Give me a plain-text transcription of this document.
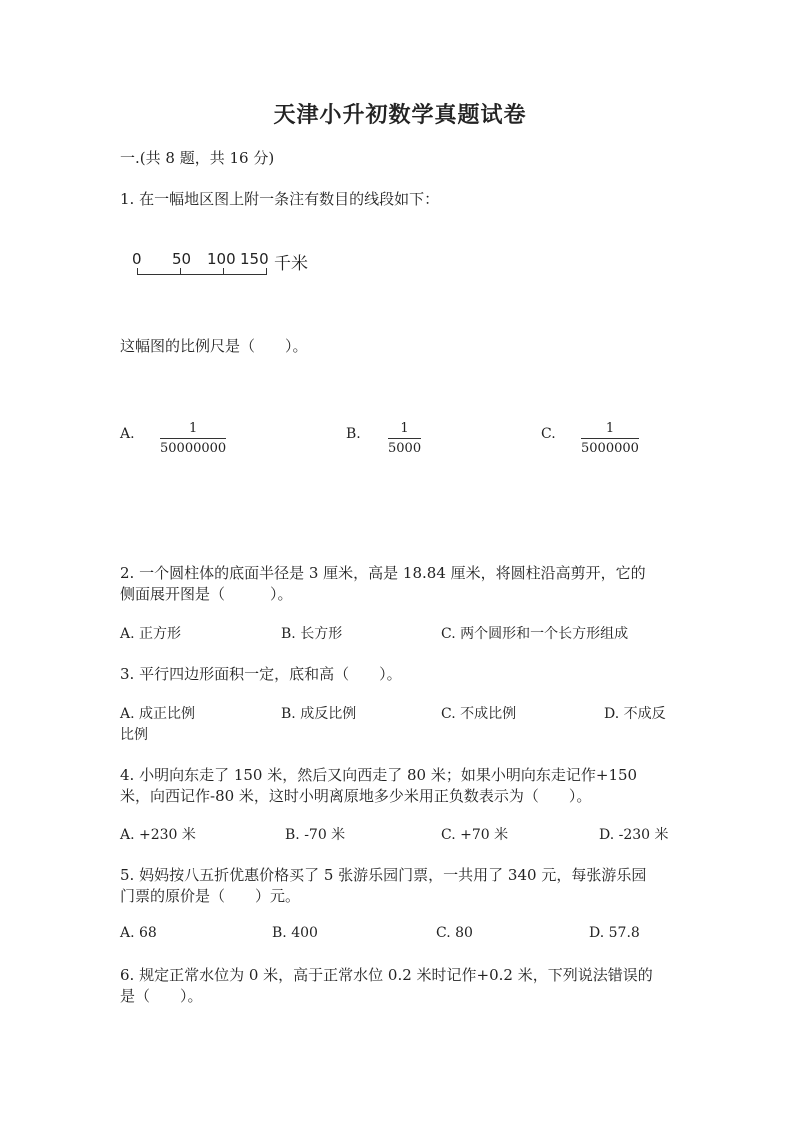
天津小升初数学真题试卷
一.(共 8 题，共 16 分)
1. 在一幅地区图上附一条注有数目的线段如下：
0 50 100 150 千米
这幅图的比例尺是（　　）。
A.	1
50000000
B.	1
5000
C.	1
5000000
2. 一个圆柱体的底面半径是 3 厘米，高是 18.84 厘米，将圆柱沿高剪开，它的
侧面展开图是（　　　）。
A. 正方形	B. 长方形	C. 两个圆形和一个长方形组成
3. 平行四边形面积一定，底和高（　　）。
A. 成正比例	B. 成反比例	C. 不成比例	D. 不成反
比例
4. 小明向东走了 150 米，然后又向西走了 80 米；如果小明向东走记作+150
米，向西记作-80 米，这时小明离原地多少米用正负数表示为（　　）。
A. +230 米	B. -70 米	C. +70 米	D. -230 米
5. 妈妈按八五折优惠价格买了 5 张游乐园门票，一共用了 340 元，每张游乐园
门票的原价是（　　）元。
A. 68	B. 400	C. 80	D. 57.8
6. 规定正常水位为 0 米，高于正常水位 0.2 米时记作+0.2 米，下列说法错误的
是（　　）。
